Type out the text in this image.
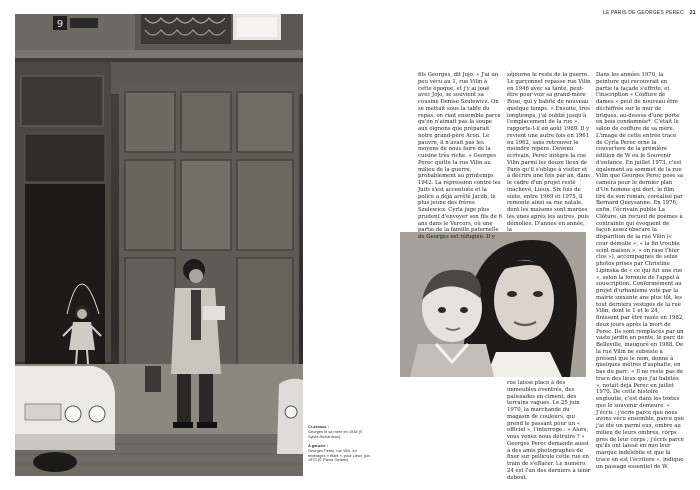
LE PARIS DE GEORGES PEREC 21
9

fils Georges, dit Jojo. « J'ai un peu vécu au 1, rue Vilin à cette époque, et j'y ai joué avec Jojo, se souvient sa cousine Denise Szulewicz. On se mettait sous la table du repas, on riait ensemble parce qu'on n'aimait pas la soupe aux oignons que préparait notre grand-père Aron. Le pauvre, il n'avait pas les moyens de nous faire de la cuisine très riche. » Georges Perec quitte la rue Vilin au milieu de la guerre, probablement au printemps 1942. La répression contre les Juifs s'est accentuée et la police a déjà arrêté Jacob, le plus jeune des frères Szulewicz. Cyrla juge plus prudent d'envoyer son fils de 6 ans dans le Vercors, où une partie de la famille paternelle de Georges est réfugiée. Il y

séjourne le reste de la guerre. Le garçonnet repasse rue Vilin en 1946 avec sa tante, peut-être pour voir sa grand-mère Rose, qui y habite de nouveau quelque temps. « Ensuite, très longtemps, j'ai oublié jusqu'à l'emplacement de la rue », rapporte-t-il en août 1969. Il y revient une autre fois en 1961 ou 1962, sans retrouver le moindre repère. Devenu écrivain, Perec intègre la rue Vilin parmi les douze lieux de Paris qu'il s'oblige à visiter et à décrire une fois par an, dans le cadre d'un projet resté inachevé, Lieux. Six fois de suite, entre 1969 et 1975, il remonte ainsi sa rue natale, dont les maisons sont murées les unes après les autres, puis démolies. D'année en année, la

rue laisse place à des immeubles éventrés, des palissades en ciment, des terrains vagues. Le 25 juin 1970, la marchande du magasin de couleurs, qui prend le passant pour un « officiel », l'interroge : « Alors, vous venez nous détruire ? » Georges Perec demande aussi à des amis photographes de fixer sur pellicule cette rue en train de s'effacer. Le numéro 24 est l'un des derniers à tenir debout.

Dans les années 1970, la peinture qui recouvrait en partie la façade s'effrite, et l'inscription « Coiffure de dames » peut de nouveau être déchiffrée sur le mur de briques, au-dessus d'une porte en bois condamnée*. C'était le salon de coiffure de sa mère. L'image de cette entrée trace de Cyrla Perec orne la couverture de la première édition de W ou le Souvenir d'enfance. En juillet 1973, c'est également au sommet de la rue Vilin que Georges Perec pose sa caméra pour le dernier plan d'Un homme qui dort, le film tiré de son roman, coréalisé par Bernard Queysanne. En 1976, enfin, l'écrivain publie La Clôture, un recueil de poèmes à contrainte qui évoquent de façon assez obscure la disparition de la rue Vilin (« cour démolie », « la fin trouble scint maison », « on rase l'hier clos »), accompagnés de seize photos prises par Christine Lipinska de « ce qui fut une rue », selon la formule de l'appel à souscription. Conformément au projet d'urbanisme voté par la mairie soixante ans plus tôt, les tout derniers vestiges de la rue Vilin, dont le 1 et le 24, finissent par être rasés en 1982, deux jours après la mort de Perec. Ils sont remplacés par un vaste jardin en pente, le parc de Belleville, inauguré en 1988. De la rue Vilin ne subsiste à présent que le nom, donné à quelques mètres d'asphalte, en bas du parc. « Il ne reste pas de trace des lieux que j'ai habités », notait déjà Perec en juillet 1970. De cette histoire engloutie, c'est dans les textes que le souvenir demeure. « J'écris : j'écris parce que nous avons vécu ensemble, parce que j'ai été un parmi eux, ombre au milieu de leurs ombres, corps près de leur corps ; j'écris parce qu'ils ont laissé en moi leur marque indélébile et que la trace en est l'écriture », indique un passage essentiel de W.

Ci-dessus :
Georges et sa mère en 1938 (© Sylvia Richardson)

À gauche :
Georges Perec, rue Vilin, en repérages « étant », pour Lieux, juin 1970 (© Pierre Getzler)
